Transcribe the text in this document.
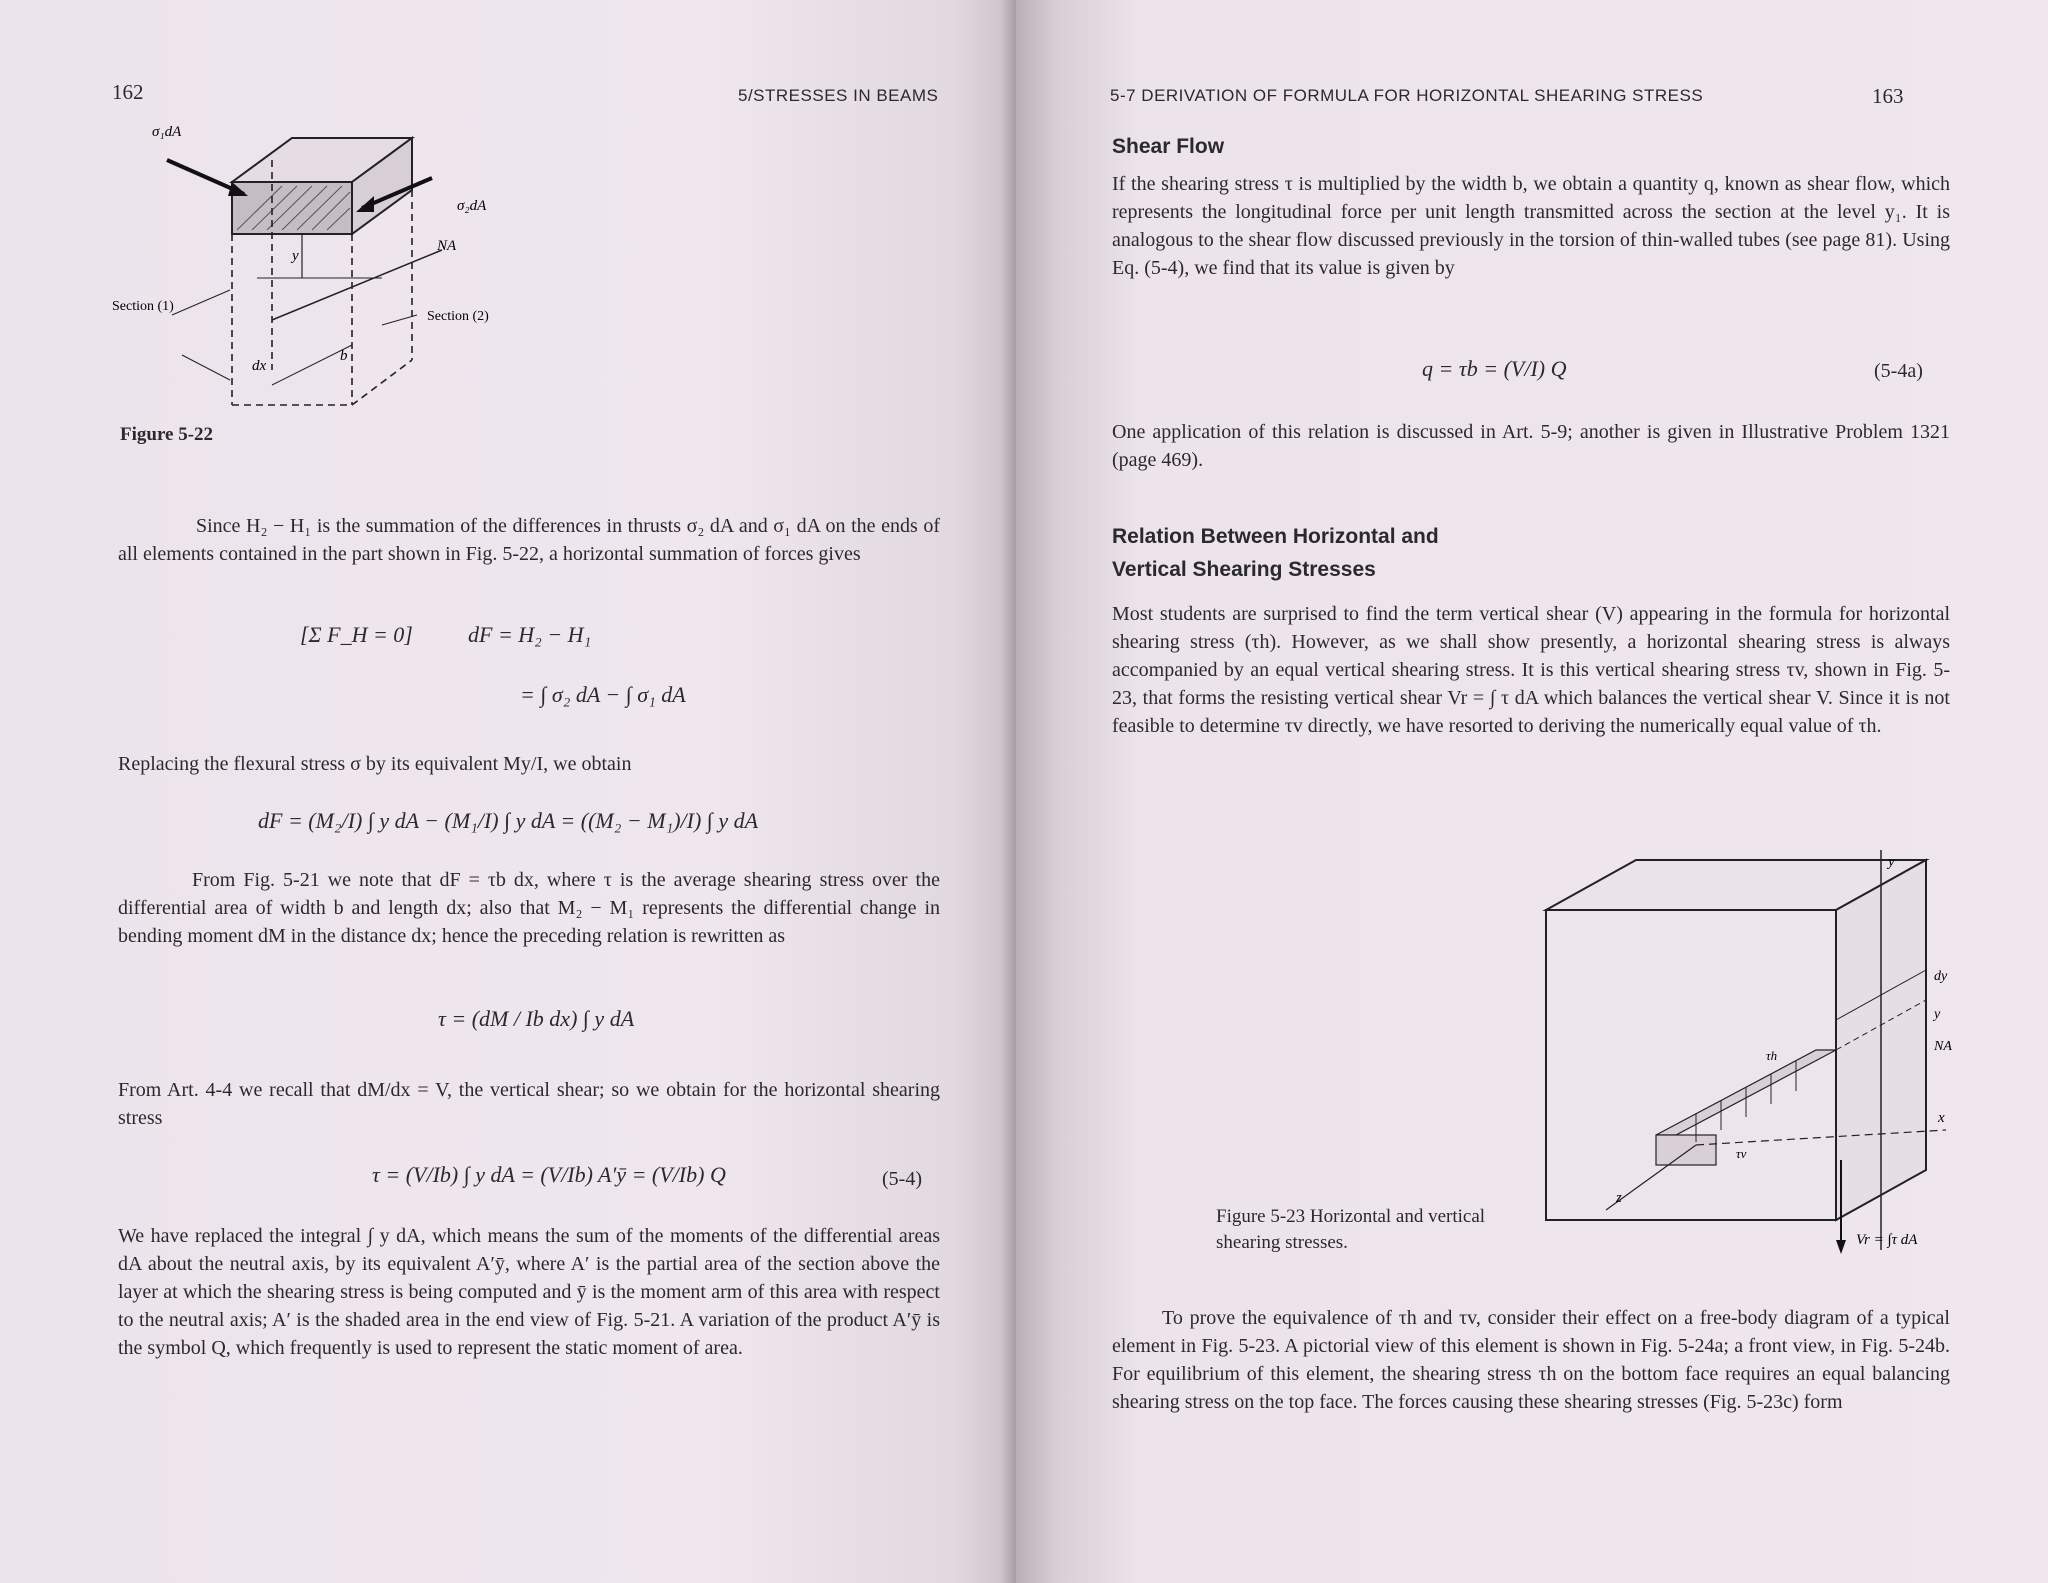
162	5/STRESSES IN BEAMS
σ₁dA
σ₂dA
Section (1)
Section (2)
y
NA
dx
b
Figure 5-22

Since H₂ − H₁ is the summation of the differences in thrusts σ₂ dA and σ₁ dA on the ends of all elements contained in the part shown in Fig. 5-22, a horizontal summation of forces gives

[Σ F_H = 0]	dF = H₂ − H₁
= ∫ σ₂ dA − ∫ σ₁ dA

Replacing the flexural stress σ by its equivalent My/I, we obtain

dF = (M₂/I) ∫ y dA − (M₁/I) ∫ y dA = ((M₂ − M₁)/I) ∫ y dA

From Fig. 5-21 we note that dF = τb dx, where τ is the average shearing stress over the differential area of width b and length dx; also that M₂ − M₁ represents the differential change in bending moment dM in the distance dx; hence the preceding relation is rewritten as

τ = (dM / Ib dx) ∫ y dA

From Art. 4-4 we recall that dM/dx = V, the vertical shear; so we obtain for the horizontal shearing stress

τ = (V/Ib) ∫ y dA = (V/Ib) A′ȳ = (V/Ib) Q	(5-4)

We have replaced the integral ∫ y dA, which means the sum of the moments of the differential areas dA about the neutral axis, by its equivalent A′ȳ, where A′ is the partial area of the section above the layer at which the shearing stress is being computed and ȳ is the moment arm of this area with respect to the neutral axis; A′ is the shaded area in the end view of Fig. 5-21. A variation of the product A′ȳ is the symbol Q, which frequently is used to represent the static moment of area.

5-7 DERIVATION OF FORMULA FOR HORIZONTAL SHEARING STRESS	163
Shear Flow

If the shearing stress τ is multiplied by the width b, we obtain a quantity q, known as shear flow, which represents the longitudinal force per unit length transmitted across the section at the level y₁. It is analogous to the shear flow discussed previously in the torsion of thin-walled tubes (see page 81). Using Eq. (5-4), we find that its value is given by

q = τb = (V/I) Q	(5-4a)

One application of this relation is discussed in Art. 5-9; another is given in Illustrative Problem 1321 (page 469).

Relation Between Horizontal and
Vertical Shearing Stresses

Most students are surprised to find the term vertical shear (V) appearing in the formula for horizontal shearing stress (τh). However, as we shall show presently, a horizontal shearing stress is always accompanied by an equal vertical shearing stress. It is this vertical shearing stress τv, shown in Fig. 5-23, that forms the resisting vertical shear Vr = ∫ τ dA which balances the vertical shear V. Since it is not feasible to determine τv directly, we have resorted to deriving the numerically equal value of τh.

y
x
z
dy
y
NA
τh
τv
Vr = ∫τ dA
Figure 5-23 Horizontal and vertical
shearing stresses.

To prove the equivalence of τh and τv, consider their effect on a free-body diagram of a typical element in Fig. 5-23. A pictorial view of this element is shown in Fig. 5-24a; a front view, in Fig. 5-24b. For equilibrium of this element, the shearing stress τh on the bottom face requires an equal balancing shearing stress on the top face. The forces causing these shearing stresses (Fig. 5-23c) form
